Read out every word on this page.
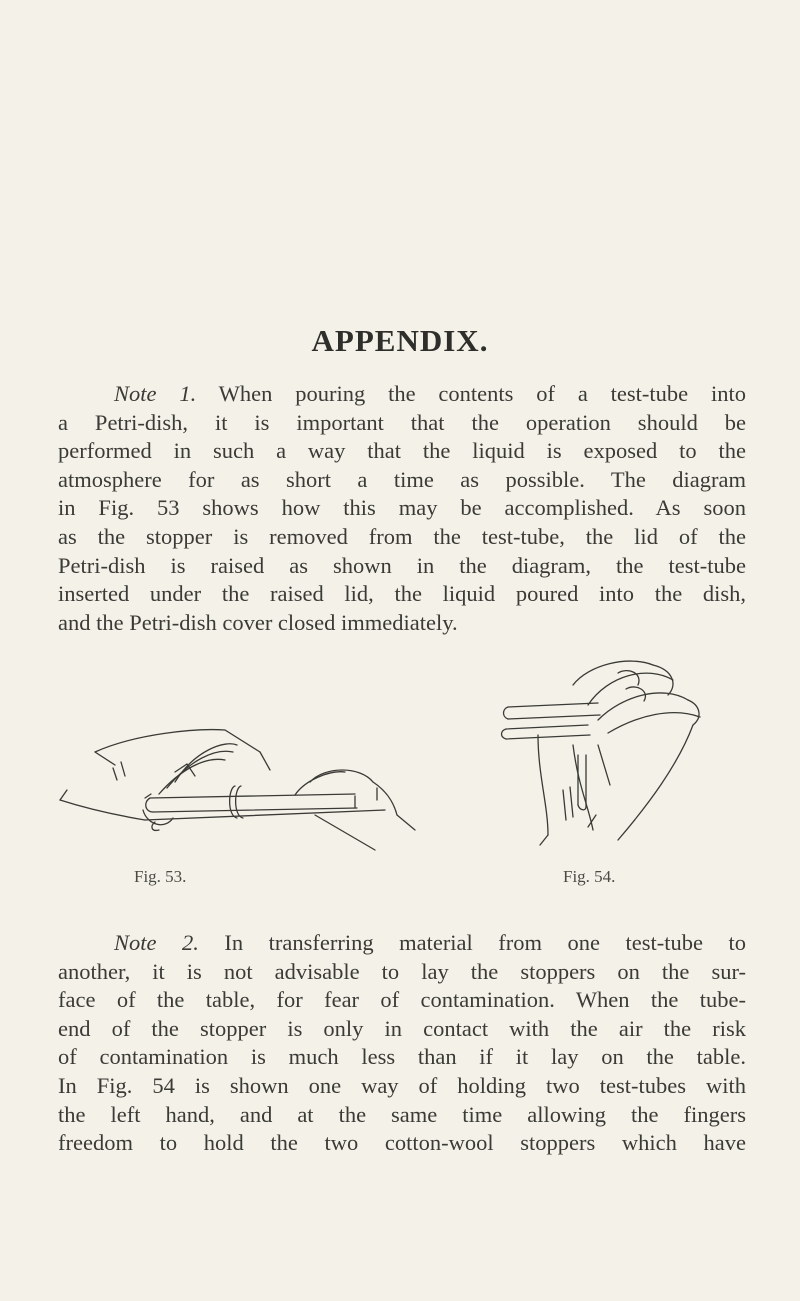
APPENDIX.
Note 1. When pouring the contents of a test-tube into
a Petri-dish, it is important that the operation should be
performed in such a way that the liquid is exposed to the
atmosphere for as short a time as possible. The diagram
in Fig. 53 shows how this may be accomplished. As soon
as the stopper is removed from the test-tube, the lid of the
Petri-dish is raised as shown in the diagram, the test-tube
inserted under the raised lid, the liquid poured into the dish,
and the Petri-dish cover closed immediately.
Fig. 53.	Fig. 54.
Note 2. In transferring material from one test-tube to
another, it is not advisable to lay the stoppers on the sur-
face of the table, for fear of contamination. When the tube-
end of the stopper is only in contact with the air the risk
of contamination is much less than if it lay on the table.
In Fig. 54 is shown one way of holding two test-tubes with
the left hand, and at the same time allowing the fingers
freedom to hold the two cotton-wool stoppers which have
